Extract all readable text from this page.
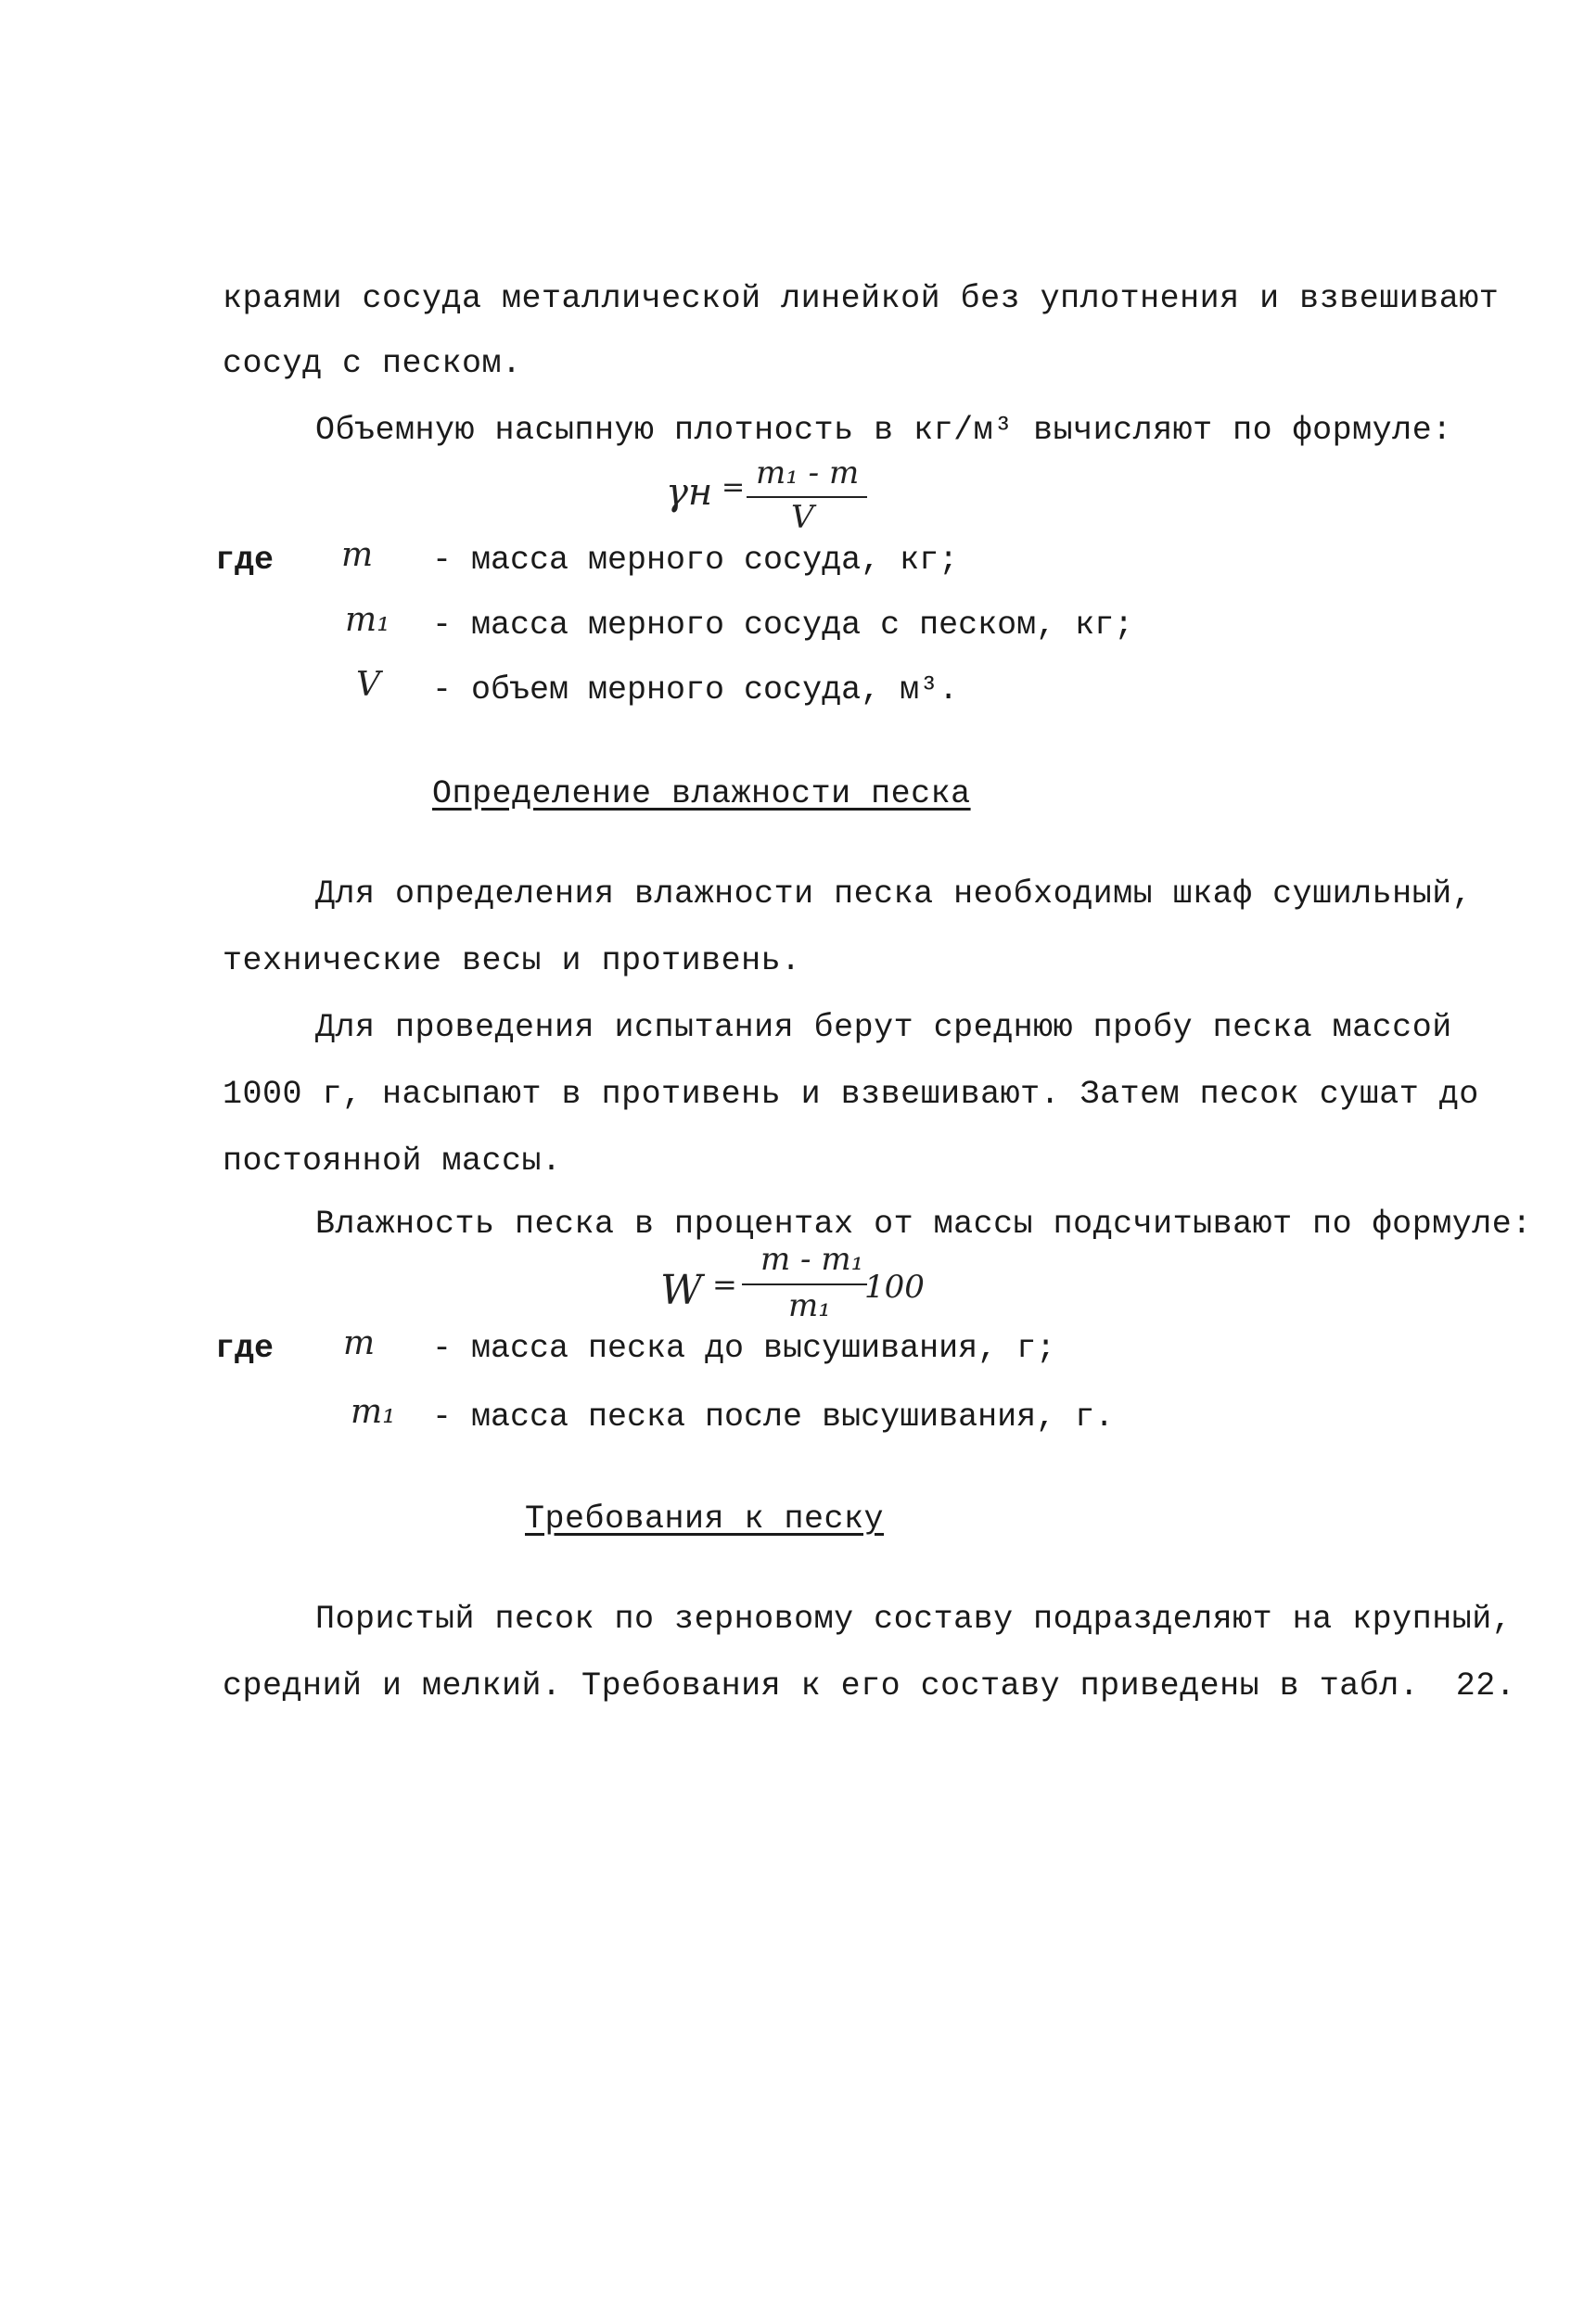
краями сосуда металлической линейкой без уплотнения и взвешивают
сосуд с песком.
Объемную насыпную плотность в кг/м³ вычисляют по формуле:
γн = m₁ - m
V
где m - масса мерного сосуда, кг;
m₁ - масса мерного сосуда с песком, кг;
V - объем мерного сосуда, м³.
Определение влажности песка
Для определения влажности песка необходимы шкаф сушильный,
технические весы и противень.
Для проведения испытания берут среднюю пробу песка массой
1000 г, насыпают в противень и взвешивают. Затем песок сушат до
постоянной массы.
Влажность песка в процентах от массы подсчитывают по формуле:
W =
m - m₁
m₁ 100
где m - масса песка до высушивания, г;
m₁ - масса песка после высушивания, г.
Требования к песку
Пористый песок по зерновому составу подразделяют на крупный,
средний и мелкий. Требования к его составу приведены в табл. 22.
